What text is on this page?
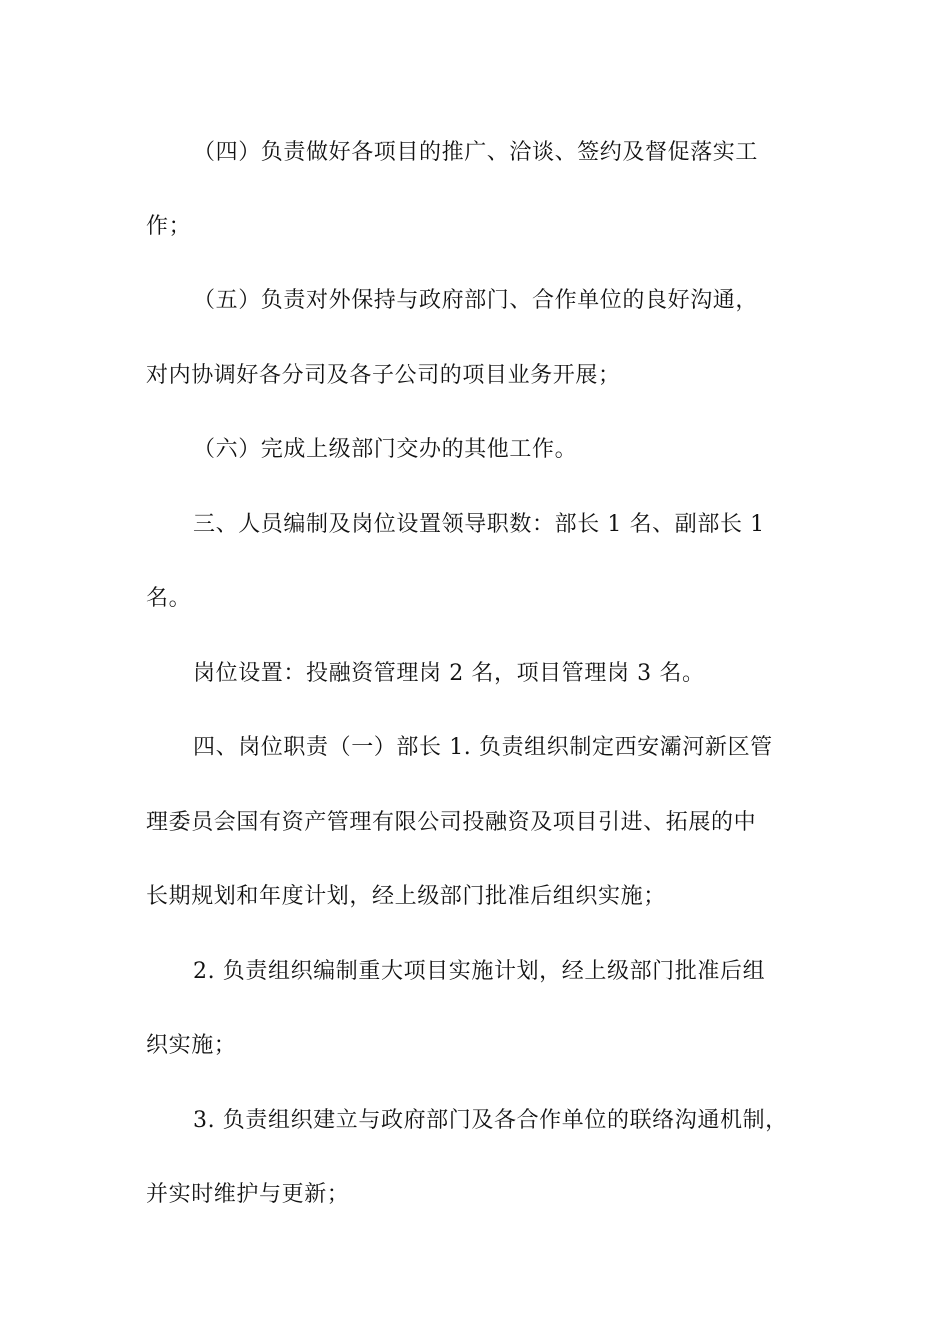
（四）负责做好各项目的推广、洽谈、签约及督促落实工
作；
（五）负责对外保持与政府部门、合作单位的良好沟通，
对内协调好各分司及各子公司的项目业务开展；
（六）完成上级部门交办的其他工作。
三、人员编制及岗位设置领导职数：部长 1 名、副部长 1
名。
岗位设置：投融资管理岗 2 名，项目管理岗 3 名。
四、岗位职责（一）部长 1. 负责组织制定西安灞河新区管
理委员会国有资产管理有限公司投融资及项目引进、拓展的中
长期规划和年度计划，经上级部门批准后组织实施；
2. 负责组织编制重大项目实施计划，经上级部门批准后组
织实施；
3. 负责组织建立与政府部门及各合作单位的联络沟通机制，
并实时维护与更新；
